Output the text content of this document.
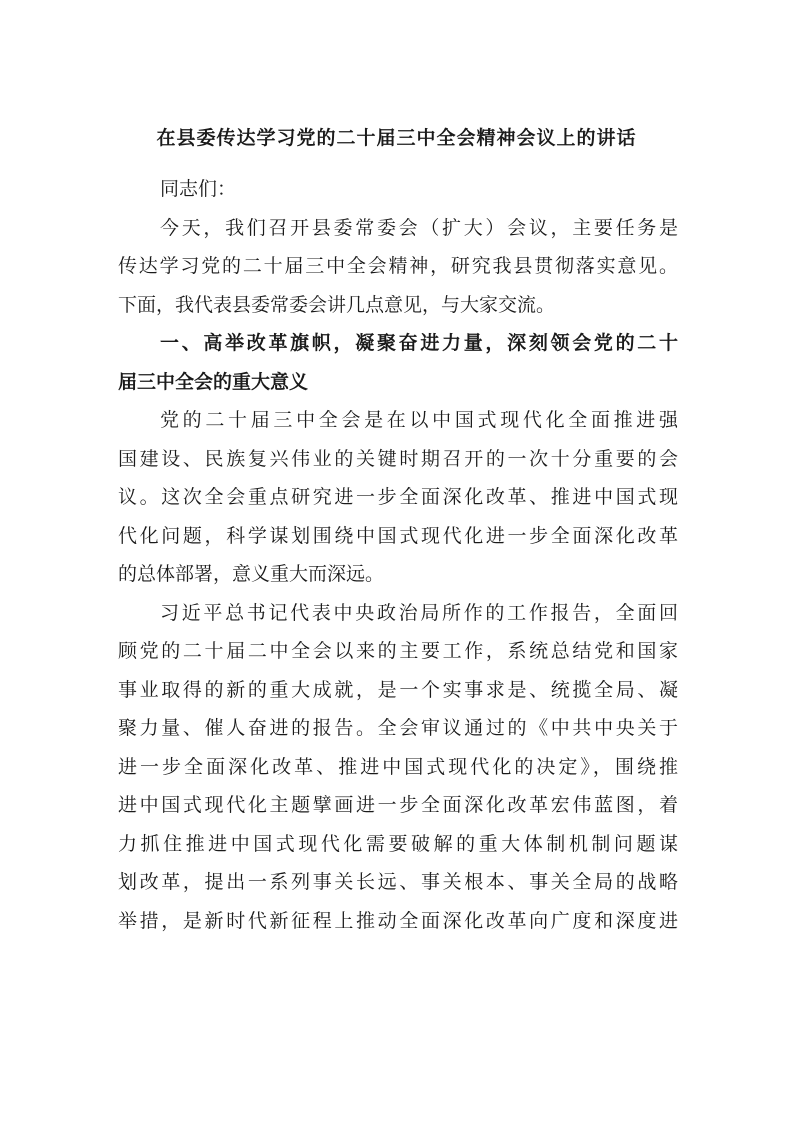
在县委传达学习党的二十届三中全会精神会议上的讲话
同志们：
今天，我们召开县委常委会（扩大）会议，主要任务是
传达学习党的二十届三中全会精神，研究我县贯彻落实意见。
下面，我代表县委常委会讲几点意见，与大家交流。
一、高举改革旗帜，凝聚奋进力量，深刻领会党的二十
届三中全会的重大意义
党的二十届三中全会是在以中国式现代化全面推进强
国建设、民族复兴伟业的关键时期召开的一次十分重要的会
议。这次全会重点研究进一步全面深化改革、推进中国式现
代化问题，科学谋划围绕中国式现代化进一步全面深化改革
的总体部署，意义重大而深远。
习近平总书记代表中央政治局所作的工作报告，全面回
顾党的二十届二中全会以来的主要工作，系统总结党和国家
事业取得的新的重大成就，是一个实事求是、统揽全局、凝
聚力量、催人奋进的报告。全会审议通过的《中共中央关于
进一步全面深化改革、推进中国式现代化的决定》，围绕推
进中国式现代化主题擘画进一步全面深化改革宏伟蓝图，着
力抓住推进中国式现代化需要破解的重大体制机制问题谋
划改革，提出一系列事关长远、事关根本、事关全局的战略
举措，是新时代新征程上推动全面深化改革向广度和深度进
